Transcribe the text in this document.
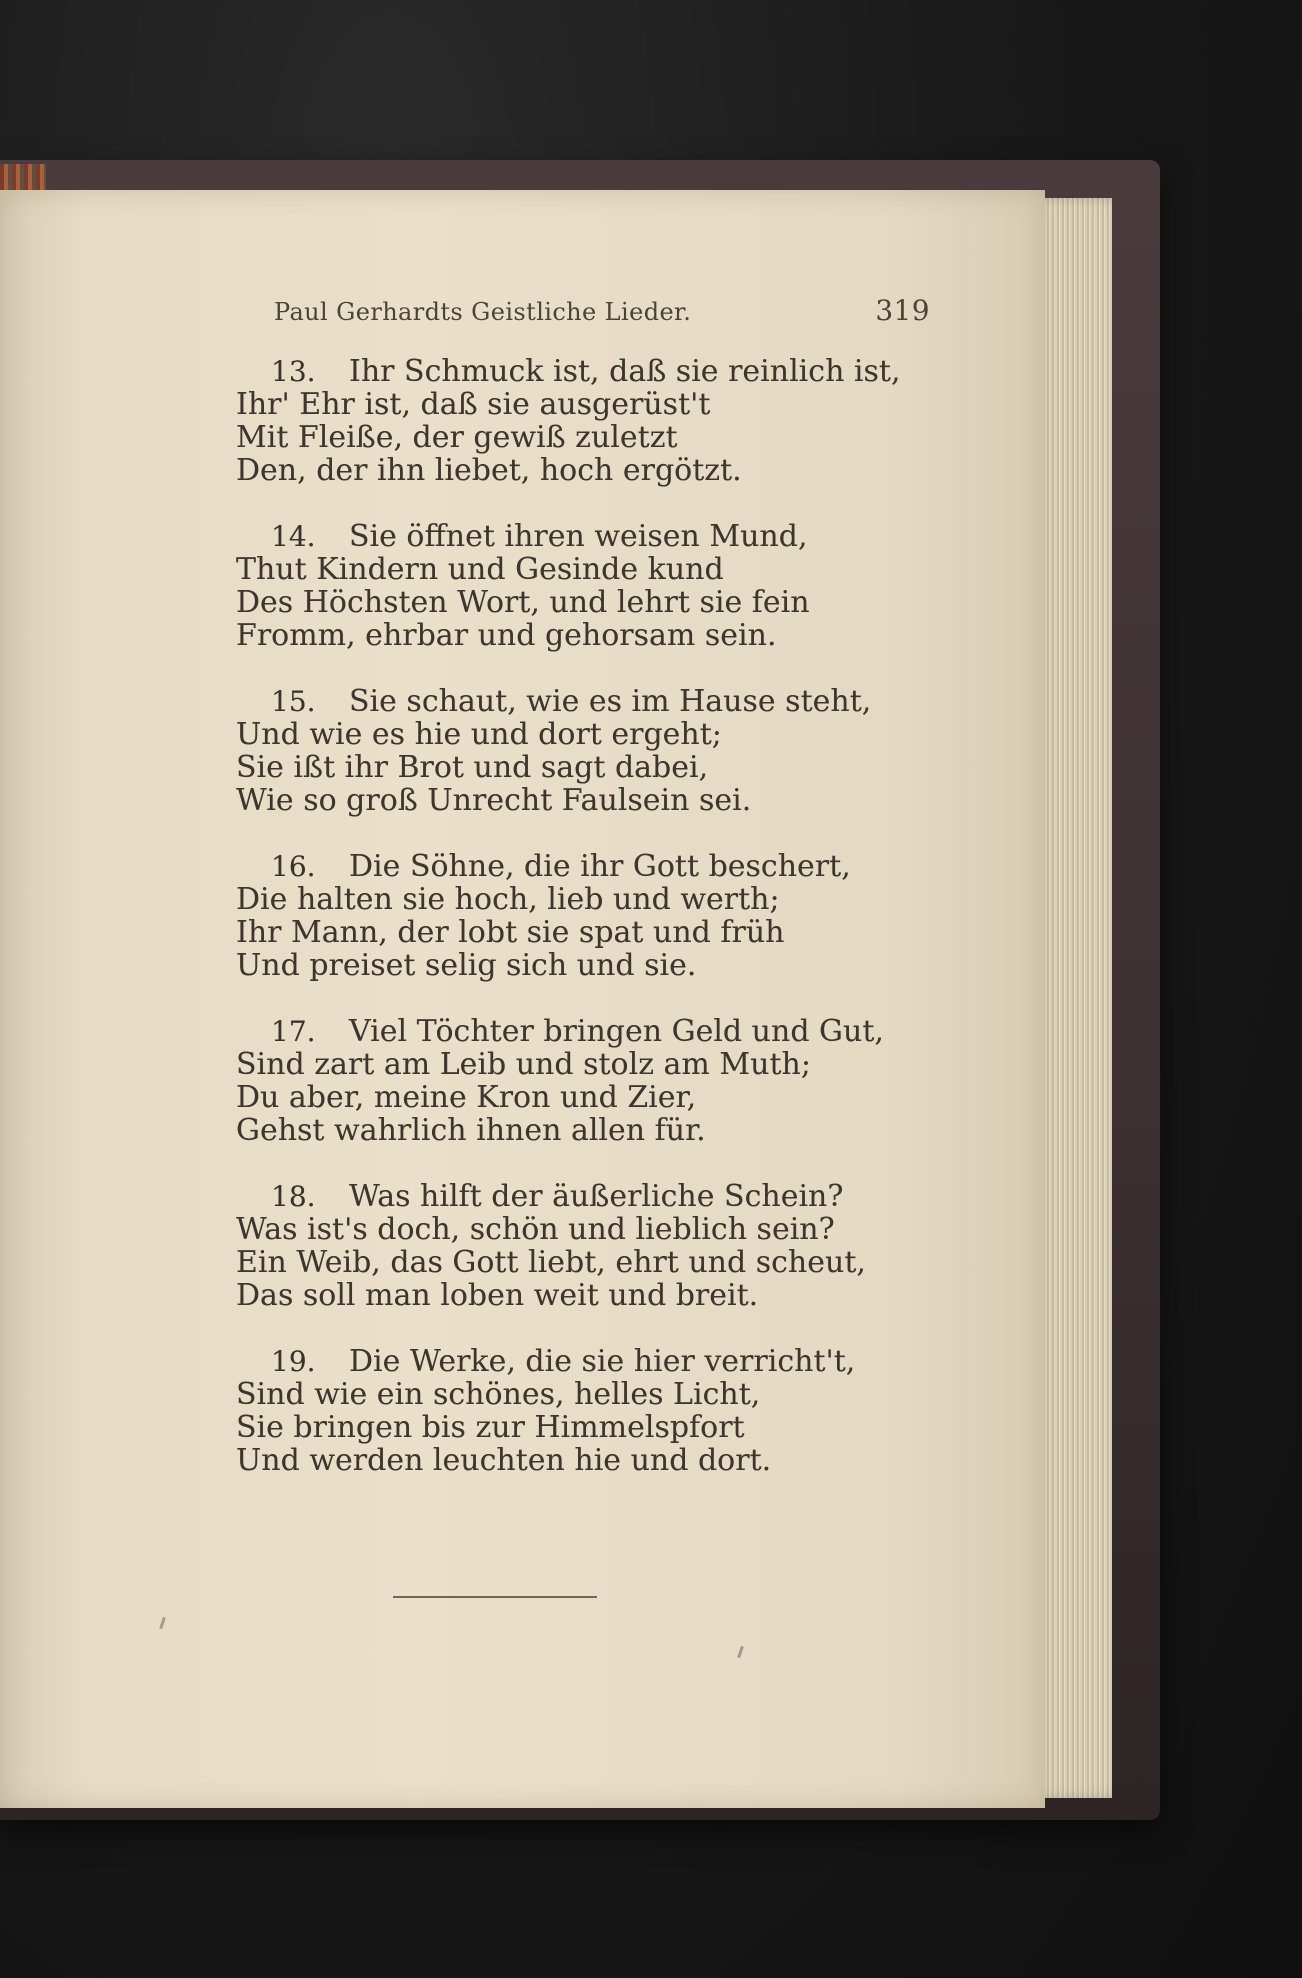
Paul Gerhardts Geistliche Lieder.	319
13. Ihr Schmuck ist, daß sie reinlich ist,
Ihr' Ehr ist, daß sie ausgerüst't
Mit Fleiße, der gewiß zuletzt
Den, der ihn liebet, hoch ergötzt.
14. Sie öffnet ihren weisen Mund,
Thut Kindern und Gesinde kund
Des Höchsten Wort, und lehrt sie fein
Fromm, ehrbar und gehorsam sein.
15. Sie schaut, wie es im Hause steht,
Und wie es hie und dort ergeht;
Sie ißt ihr Brot und sagt dabei,
Wie so groß Unrecht Faulsein sei.
16. Die Söhne, die ihr Gott beschert,
Die halten sie hoch, lieb und werth;
Ihr Mann, der lobt sie spat und früh
Und preiset selig sich und sie.
17. Viel Töchter bringen Geld und Gut,
Sind zart am Leib und stolz am Muth;
Du aber, meine Kron und Zier,
Gehst wahrlich ihnen allen für.
18. Was hilft der äußerliche Schein?
Was ist's doch, schön und lieblich sein?
Ein Weib, das Gott liebt, ehrt und scheut,
Das soll man loben weit und breit.
19. Die Werke, die sie hier verricht't,
Sind wie ein schönes, helles Licht,
Sie bringen bis zur Himmelspfort
Und werden leuchten hie und dort.
